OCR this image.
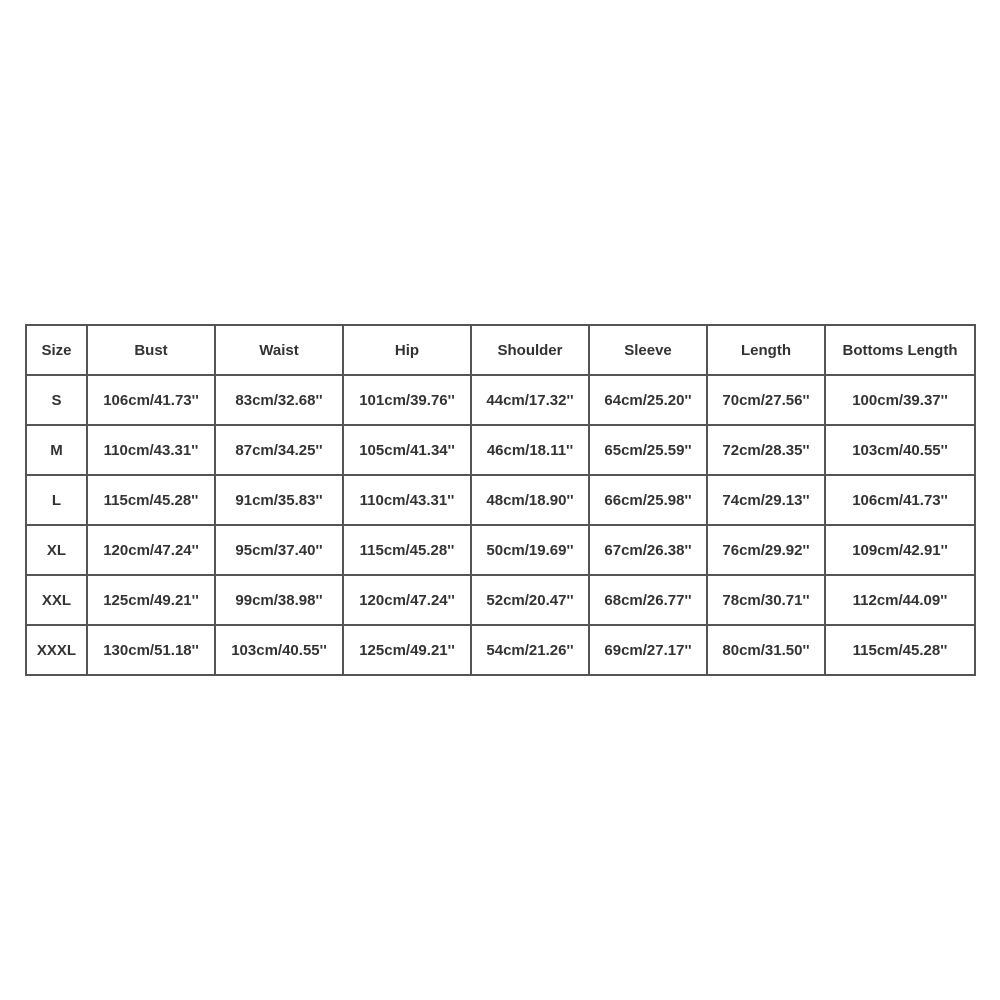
Size	Bust	Waist	Hip	Shoulder	Sleeve	Length	Bottoms Length
S	106cm/41.73''	83cm/32.68''	101cm/39.76''	44cm/17.32''	64cm/25.20''	70cm/27.56''	100cm/39.37''
M	110cm/43.31''	87cm/34.25''	105cm/41.34''	46cm/18.11''	65cm/25.59''	72cm/28.35''	103cm/40.55''
L	115cm/45.28''	91cm/35.83''	110cm/43.31''	48cm/18.90''	66cm/25.98''	74cm/29.13''	106cm/41.73''
XL	120cm/47.24''	95cm/37.40''	115cm/45.28''	50cm/19.69''	67cm/26.38''	76cm/29.92''	109cm/42.91''
XXL	125cm/49.21''	99cm/38.98''	120cm/47.24''	52cm/20.47''	68cm/26.77''	78cm/30.71''	112cm/44.09''
XXXL	130cm/51.18''	103cm/40.55''	125cm/49.21''	54cm/21.26''	69cm/27.17''	80cm/31.50''	115cm/45.28''
